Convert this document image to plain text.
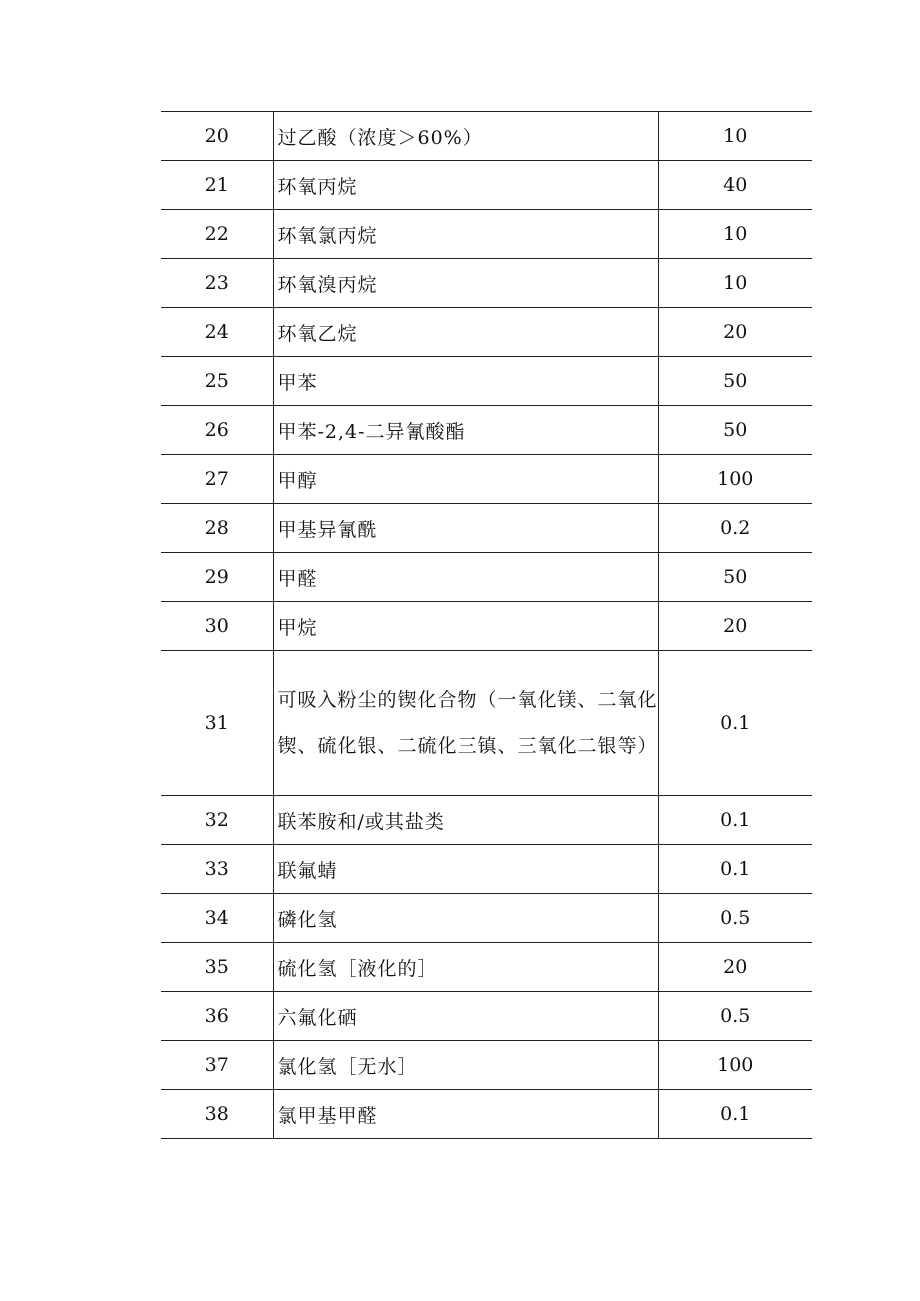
20	过乙酸（浓度＞60%）	10
21	环氧丙烷	40
22	环氧氯丙烷	10
23	环氧溴丙烷	10
24	环氧乙烷	20
25	甲苯	50
26	甲苯-2,4-二异氰酸酯	50
27	甲醇	100
28	甲基异氰酰	0.2
29	甲醛	50
30	甲烷	20
31	可吸入粉尘的锲化合物（一氧化镁、二氧化锲、硫化银、二硫化三镇、三氧化二银等）	0.1
32	联苯胺和/或其盐类	0.1
33	联氟蜻	0.1
34	磷化氢	0.5
35	硫化氢［液化的］	20
36	六氟化硒	0.5
37	氯化氢［无水］	100
38	氯甲基甲醛	0.1
